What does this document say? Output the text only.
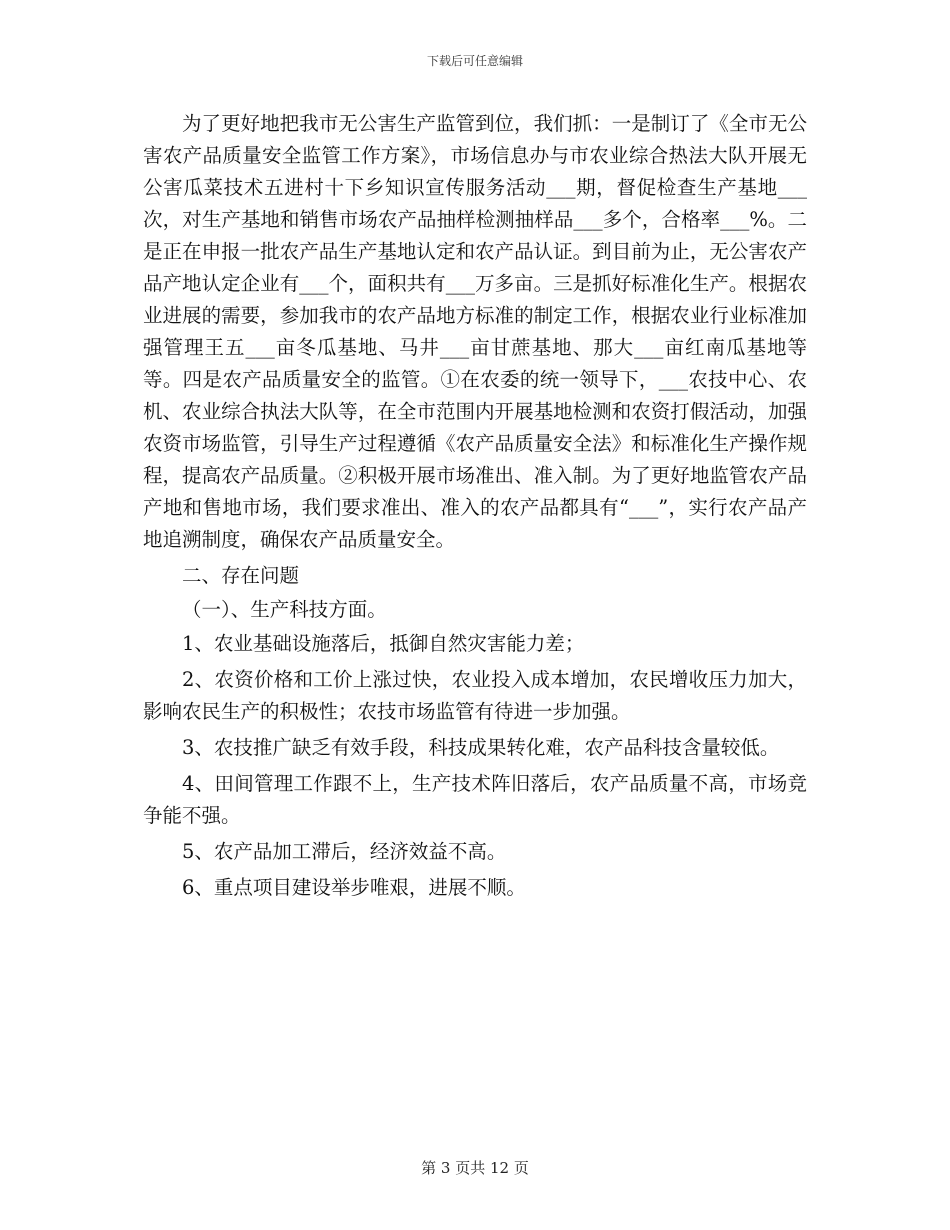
下载后可任意编辑

为了更好地把我市无公害生产监管到位，我们抓：一是制订了《全市无公害农产品质量安全监管工作方案》，市场信息办与市农业综合热法大队开展无公害瓜菜技术五进村十下乡知识宣传服务活动___期，督促检查生产基地___次，对生产基地和销售市场农产品抽样检测抽样品___多个，合格率___%。二是正在申报一批农产品生产基地认定和农产品认证。到目前为止，无公害农产品产地认定企业有___个，面积共有___万多亩。三是抓好标准化生产。根据农业进展的需要，参加我市的农产品地方标准的制定工作，根据农业行业标准加强管理王五___亩冬瓜基地、马井___亩甘蔗基地、那大___亩红南瓜基地等等。四是农产品质量安全的监管。①在农委的统一领导下，___农技中心、农机、农业综合执法大队等，在全市范围内开展基地检测和农资打假活动，加强农资市场监管，引导生产过程遵循《农产品质量安全法》和标准化生产操作规程，提高农产品质量。②积极开展市场准出、准入制。为了更好地监管农产品产地和售地市场，我们要求准出、准入的农产品都具有“___”，实行农产品产地追溯制度，确保农产品质量安全。

二、存在问题

（一）、生产科技方面。

1、农业基础设施落后，抵御自然灾害能力差；

2、农资价格和工价上涨过快，农业投入成本增加，农民增收压力加大，影响农民生产的积极性；农技市场监管有待进一步加强。

3、农技推广缺乏有效手段，科技成果转化难，农产品科技含量较低。

4、田间管理工作跟不上，生产技术阵旧落后，农产品质量不高，市场竞争能不强。

5、农产品加工滞后，经济效益不高。

6、重点项目建设举步唯艰，进展不顺。

第 3 页共 12 页
